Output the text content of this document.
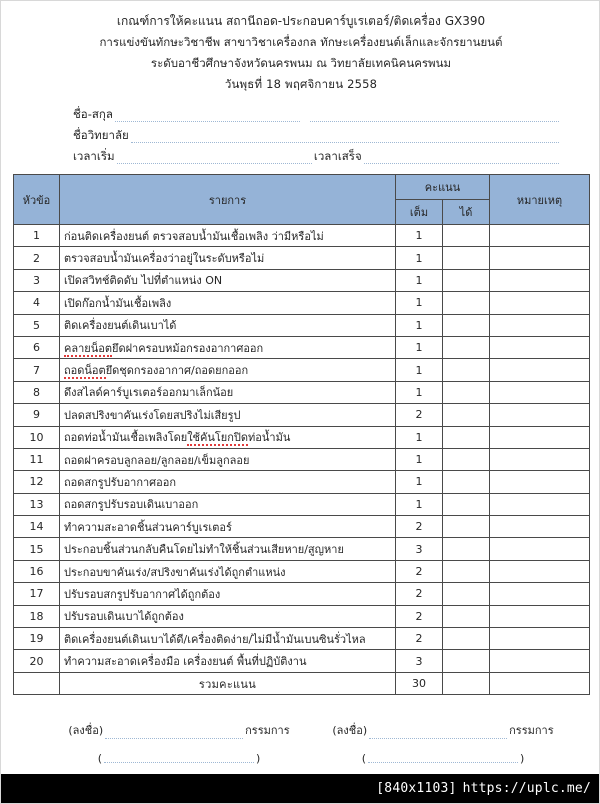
เกณฑ์การให้คะแนน สถานีถอด-ประกอบคาร์บูเรเตอร์/ติดเครื่อง GX390
การแข่งขันทักษะวิชาชีพ สาขาวิชาเครื่องกล ทักษะเครื่องยนต์เล็กและจักรยานยนต์
ระดับอาชีวศึกษาจังหวัดนครพนม ณ วิทยาลัยเทคนิคนครพนม
วันพุธที่ 18 พฤศจิกายน 2558
ชื่อ-สกุล
ชื่อวิทยาลัย
เวลาเริ่ม	เวลาเสร็จ
หัวข้อ	รายการ	คะแนน		หมายเหตุ
		เต็ม	ได้	
1	ก่อนติดเครื่องยนต์ ตรวจสอบน้ำมันเชื้อเพลิง ว่ามีหรือไม่	1		
2	ตรวจสอบน้ำมันเครื่องว่าอยู่ในระดับหรือไม่	1		
3	เปิดสวิทช์ติดดับ ไปที่ตำแหน่ง ON	1		
4	เปิดก๊อกน้ำมันเชื้อเพลิง	1		
5	ติดเครื่องยนต์เดินเบาได้	1		
6	คลายน็อตยึดฝาครอบหม้อกรองอากาศออก	1		
7	ถอดน็อตยึดชุดกรองอากาศ/ถอดยกออก	1		
8	ดึงสไลด์คาร์บูเรเตอร์ออกมาเล็กน้อย	1		
9	ปลดสปริงขาคันเร่งโดยสปริงไม่เสียรูป	2		
10	ถอดท่อน้ำมันเชื้อเพลิงโดยใช้คันโยกปิดท่อน้ำมัน	1		
11	ถอดฝาครอบลูกลอย/ลูกลอย/เข็มลูกลอย	1		
12	ถอดสกรูปรับอากาศออก	1		
13	ถอดสกรูปรับรอบเดินเบาออก	1		
14	ทำความสะอาดชิ้นส่วนคาร์บูเรเตอร์	2		
15	ประกอบชิ้นส่วนกลับคืนโดยไม่ทำให้ชิ้นส่วนเสียหาย/สูญหาย	3		
16	ประกอบขาคันเร่ง/สปริงขาคันเร่งได้ถูกตำแหน่ง	2		
17	ปรับรอบสกรูปรับอากาศได้ถูกต้อง	2		
18	ปรับรอบเดินเบาได้ถูกต้อง	2		
19	ติดเครื่องยนต์เดินเบาได้ดี/เครื่องติดง่าย/ไม่มีน้ำมันเบนซินรั่วไหล	2		
20	ทำความสะอาดเครื่องมือ เครื่องยนต์ พื้นที่ปฏิบัติงาน	3		
	รวมคะแนน	30		
(ลงชื่อ)	กรรมการ
(	)
(ลงชื่อ)	กรรมการ
(	)
[840x1103] https://uplc.me/
